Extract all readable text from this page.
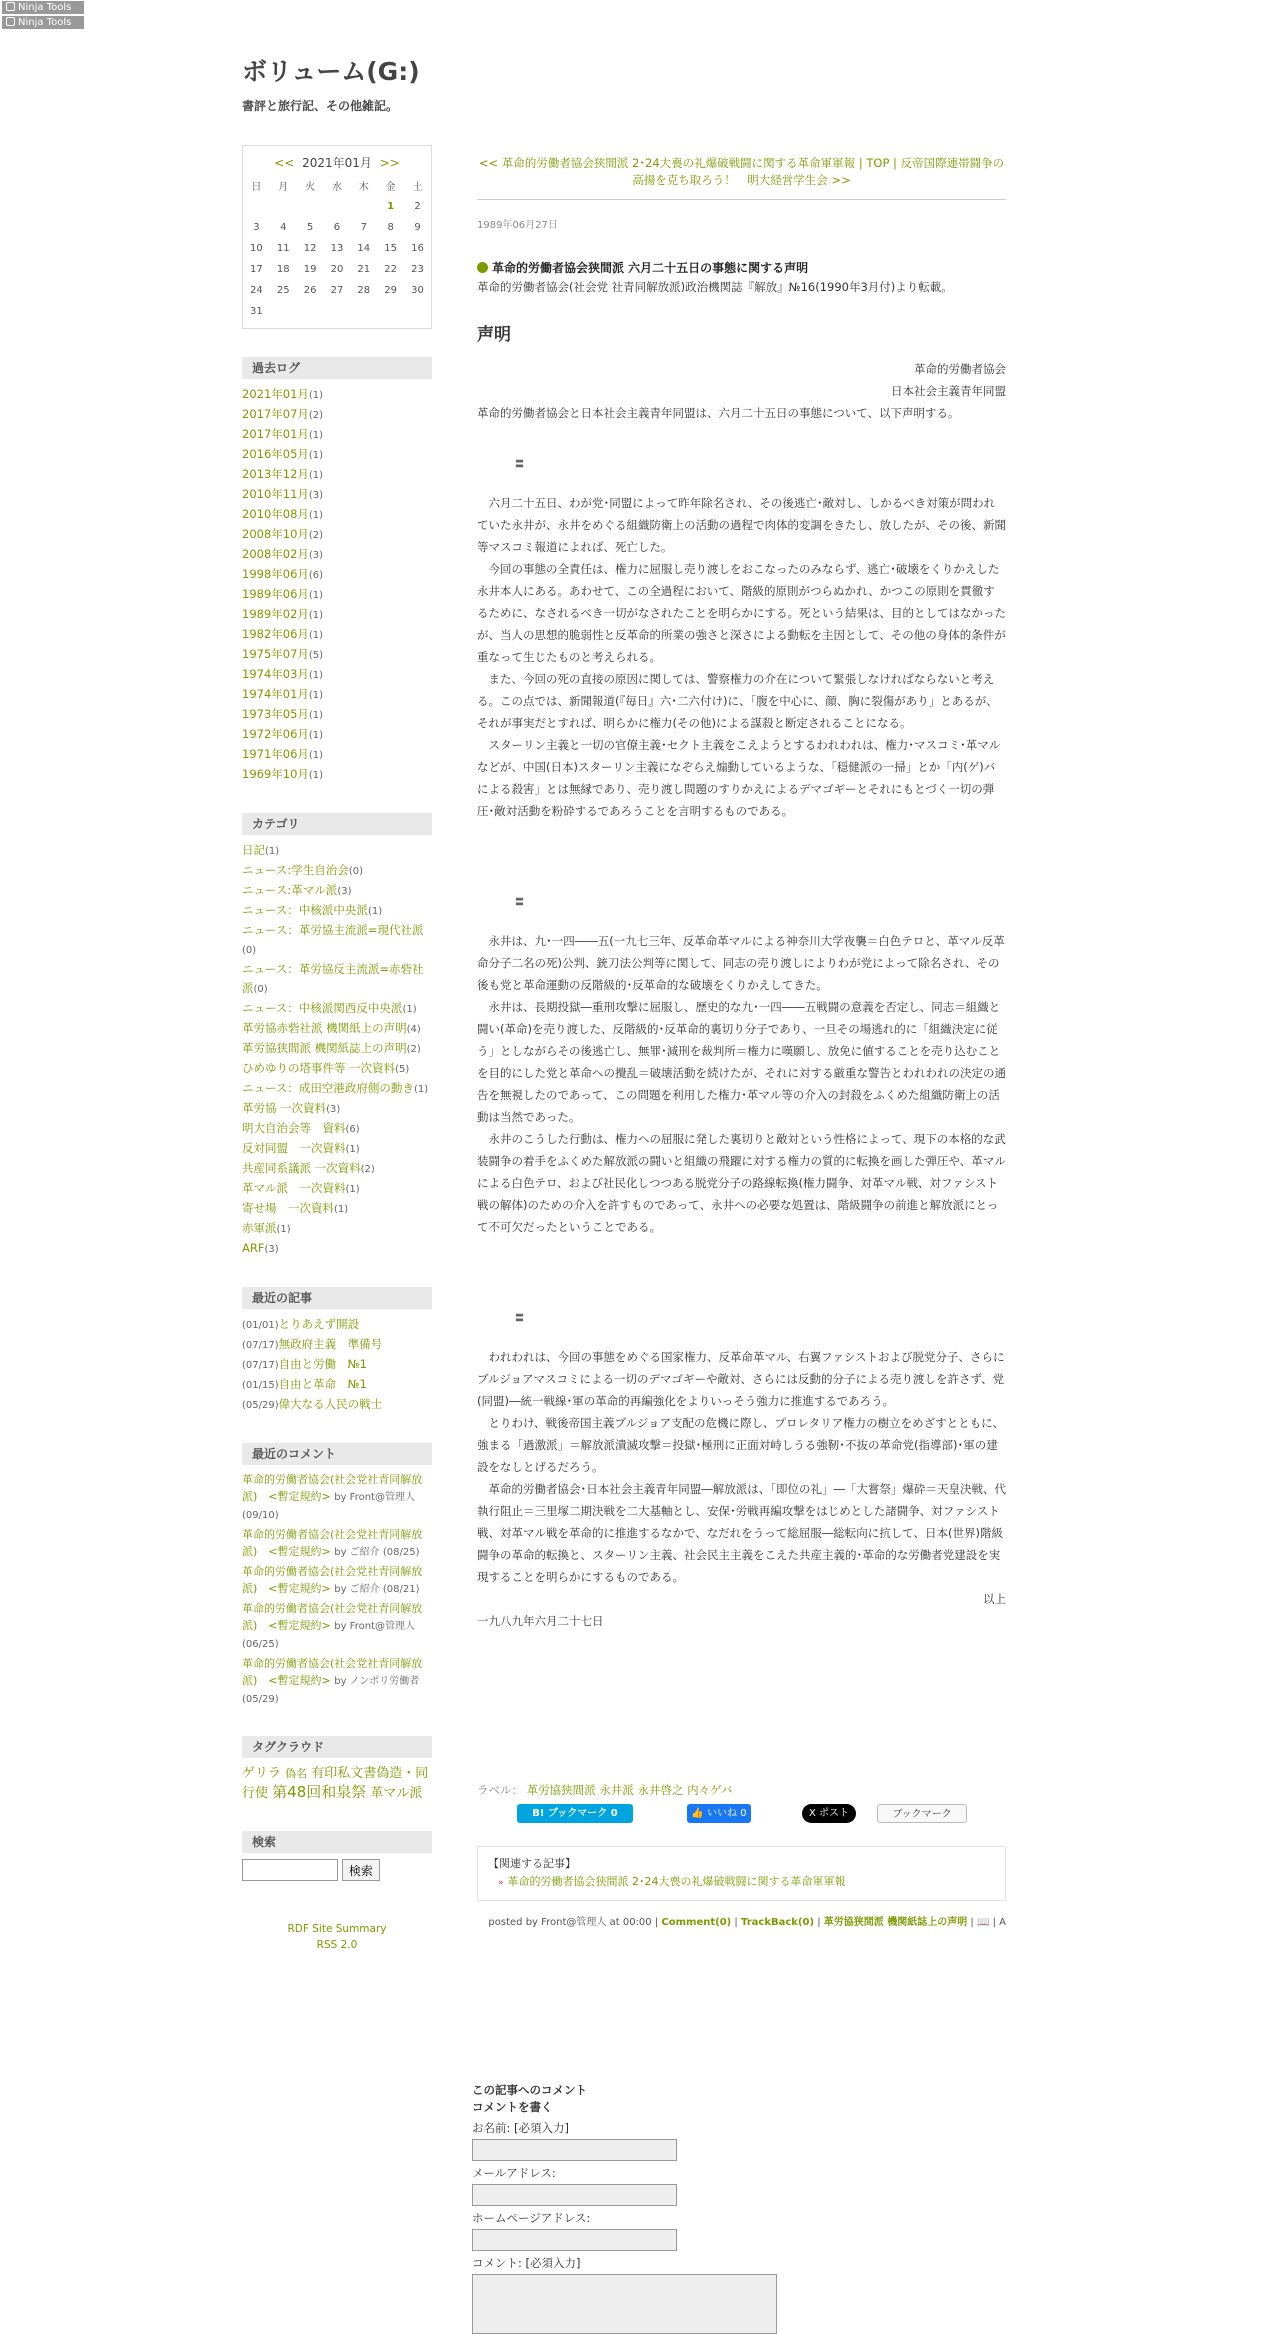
Ninja Tools
Ninja Tools
ボリューム(G:)
書評と旅行記、その他雑記。
<< 2021年01月 >>
日	月	火	水	木	金	土
					1	2
3	4	5	6	7	8	9
10	11	12	13	14	15	16
17	18	19	20	21	22	23
24	25	26	27	28	29	30
31						
過去ログ
2021年01月(1)
2017年07月(2)
2017年01月(1)
2016年05月(1)
2013年12月(1)
2010年11月(3)
2010年08月(1)
2008年10月(2)
2008年02月(3)
1998年06月(6)
1989年06月(1)
1989年02月(1)
1982年06月(1)
1975年07月(5)
1974年03月(1)
1974年01月(1)
1973年05月(1)
1972年06月(1)
1971年06月(1)
1969年10月(1)
カテゴリ
日記(1)
ニュース:学生自治会(0)
ニュース:革マル派(3)
ニュース：中核派中央派(1)
ニュース：革労協主流派=現代社派(0)
ニュース：革労協反主流派=赤砦社派(0)
ニュース：中核派関西反中央派(1)
革労協赤砦社派 機関紙上の声明(4)
革労協狭間派 機関紙誌上の声明(2)
ひめゆりの塔事件等 一次資料(5)
ニュース：成田空港政府側の動き(1)
革労協 一次資料(3)
明大自治会等　資料(6)
反対同盟　一次資料(1)
共産同系議派 一次資料(2)
革マル派　一次資料(1)
寄せ場　一次資料(1)
赤軍派(1)
ARF(3)
最近の記事
(01/01)とりあえず開設
(07/17)無政府主義　準備号
(07/17)自由と労働　№1
(01/15)自由と革命　№1
(05/29)偉大なる人民の戦士
最近のコメント
革命的労働者協会(社会党社青同解放派)　<暫定規約> by Front@管理人 (09/10)
革命的労働者協会(社会党社青同解放派)　<暫定規約> by ご紹介 (08/25)
革命的労働者協会(社会党社青同解放派)　<暫定規約> by ご紹介 (08/21)
革命的労働者協会(社会党社青同解放派)　<暫定規約> by Front@管理人 (06/25)
革命的労働者協会(社会党社青同解放派)　<暫定規約> by ノンポリ労働者 (05/29)
タグクラウド
ゲリラ 偽名 有印私文書偽造・同行使 第48回和泉祭 革マル派
検索
検索
RDF Site Summary
RSS 2.0
<< 革命的労働者協会狭間派 2･24大喪の礼爆破戦闘に関する革命軍軍報 | TOP | 反帝国際連帯闘争の高揚を克ち取ろう！　明大経営学生会 >>
1989年06月27日
革命的労働者協会狭間派 六月二十五日の事態に関する声明

革命的労働者協会(社会党 社青同解放派)政治機関誌『解放』№16(1990年3月付)より転載。

声明
革命的労働者協会
日本社会主義青年同盟

革命的労働者協会と日本社会主義青年同盟は、六月二十五日の事態について、以下声明する。

〓

　六月二十五日、わが党･同盟によって昨年除名され、その後逃亡･敵対し、しかるべき対策が問われていた永井が、永井をめぐる組織防衛上の活動の過程で肉体的変調をきたし、放したが、その後、新聞等マスコミ報道によれば、死亡した。

　今回の事態の全責任は、権力に屈服し売り渡しをおこなったのみならず、逃亡･破壊をくりかえした永井本人にある。あわせて、この全過程において、階級的原則がつらぬかれ、かつこの原則を貫徹するために、なされるべき一切がなされたことを明らかにする。死という結果は、目的としてはなかったが、当人の思想的脆弱性と反革命的所業の強さと深さによる動転を主因として、その他の身体的条件が重なって生じたものと考えられる。

　また、今回の死の直接の原因に関しては、警察権力の介在について緊張しなければならないと考える。この点では、新聞報道(『毎日』六･二六付け)に、「腹を中心に、顔、胸に裂傷があり」とあるが、それが事実だとすれば、明らかに権力(その他)による謀殺と断定されることになる。

　スターリン主義と一切の官僚主義･セクト主義をこえようとするわれわれは、権力･マスコミ･革マルなどが、中国(日本)スターリン主義になぞらえ煽動しているような、「穏健派の一掃」とか「内(ゲ)バによる殺害」とは無縁であり、売り渡し問題のすりかえによるデマゴギーとそれにもとづく一切の弾圧･敵対活動を粉砕するであろうことを言明するものである。

〓

　永井は、九･一四――五(一九七三年、反革命革マルによる神奈川大学夜襲＝白色テロと、革マル反革命分子二名の死)公判、銃刀法公判等に関して、同志の売り渡しによりわが党によって除名され、その後も党と革命運動の反階級的･反革命的な破壊をくりかえしてきた。

　永井は、長期投獄―重刑攻撃に屈服し、歴史的な九･一四――五戦闘の意義を否定し、同志＝組織と闘い(革命)を売り渡した、反階級的･反革命的裏切り分子であり、一旦その場逃れ的に「組織決定に従う」としながらその後逃亡し、無罪･減刑を裁判所＝権力に嘆願し、放免に値することを売り込むことを目的にした党と革命への攪乱＝破壊活動を続けたが、それに対する厳重な警告とわれわれの決定の通告を無視したのであって、この問題を利用した権力･革マル等の介入の封殺をふくめた組織防衛上の活動は当然であった。

　永井のこうした行動は、権力への屈服に発した裏切りと敵対という性格によって、現下の本格的な武装闘争の着手をふくめた解放派の闘いと組織の飛躍に対する権力の質的に転換を画した弾圧や、革マルによる白色テロ、および社民化しつつある脱党分子の路線転換(権力闘争、対革マル戦、対ファシスト戦の解体)のための介入を許すものであって、永井への必要な処置は、階級闘争の前進と解放派にとって不可欠だったということである。

〓

　われわれは、今回の事態をめぐる国家権力、反革命革マル、右翼ファシストおよび脱党分子、さらにブルジョアマスコミによる一切のデマゴギーや敵対、さらには反動的分子による売り渡しを許さず、党(同盟)―統一戦線･軍の革命的再編強化をよりいっそう強力に推進するであろう。

　とりわけ、戦後帝国主義ブルジョア支配の危機に際し、プロレタリア権力の樹立をめざすとともに、強まる「過激派」＝解放派潰滅攻撃＝投獄･極刑に正面対峙しうる強靭･不抜の革命党(指導部)･軍の建設をなしとげるだろう。

　革命的労働者協会･日本社会主義青年同盟―解放派は、「即位の礼」―「大嘗祭」爆砕＝天皇決戦、代執行阻止＝三里塚二期決戦を二大基軸とし、安保･労戦再編攻撃をはじめとした諸闘争、対ファシスト戦、対革マル戦を革命的に推進するなかで、なだれをうって総屈服―総転向に抗して、日本(世界)階級闘争の革命的転換と、スターリン主義、社会民主主義をこえた共産主義的･革命的な労働者党建設を実現することを明らかにするものである。

以上

一九八九年六月二十七日

ラベル： 革労協狭間派 永井派 永井啓之 内々ゲバ
B! ブックマーク 0	👍 いいね 0	X ポスト	ブックマーク
【関連する記事】
» 革命的労働者協会狭間派 2･24大喪の礼爆破戦闘に関する革命軍軍報
posted by Front@管理人 at 00:00 | Comment(0) | TrackBack(0) | 革労協狭間派 機関紙誌上の声明 | 📖 | A
この記事へのコメント
コメントを書く
お名前: [必須入力]
メールアドレス:
ホームページアドレス:
コメント: [必須入力]
